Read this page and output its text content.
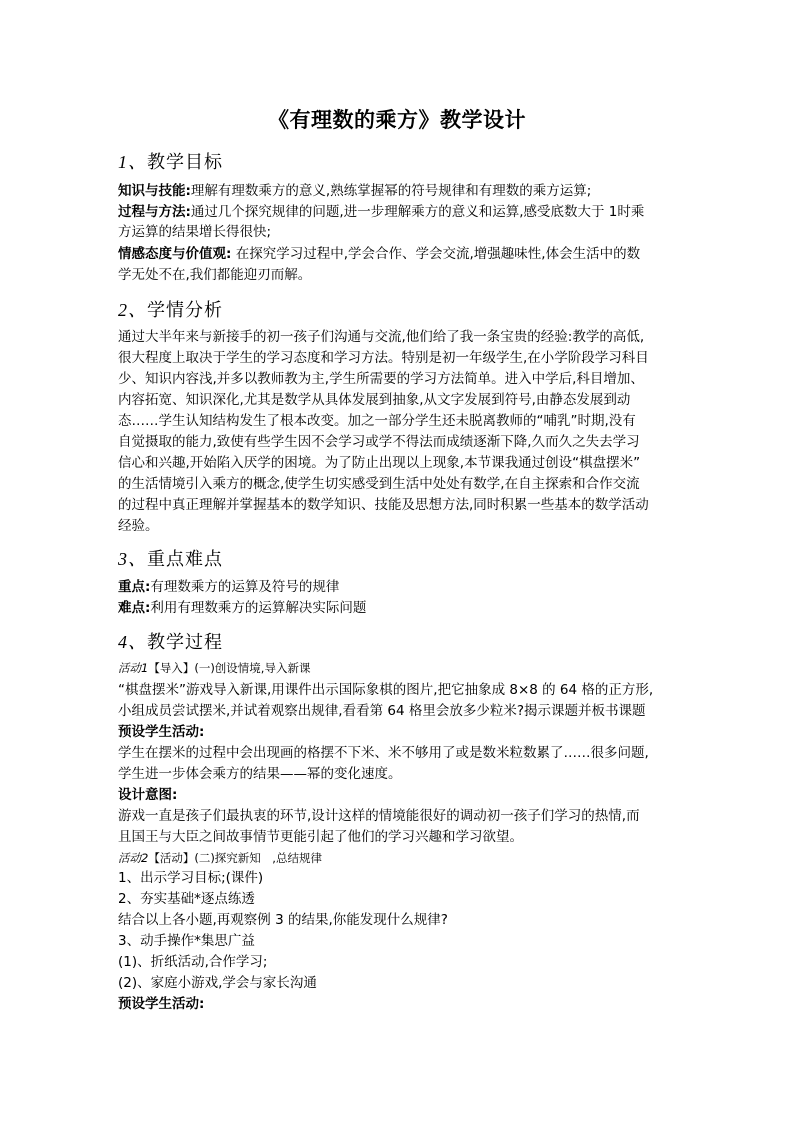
《有理数的乘方》教学设计
1、教学目标
知识与技能:理解有理数乘方的意义,熟练掌握幂的符号规律和有理数的乘方运算;
过程与方法:通过几个探究规律的问题,进一步理解乘方的意义和运算,感受底数大于 1时乘
方运算的结果增长得很快;
情感态度与价值观: 在探究学习过程中,学会合作、学会交流,增强趣味性,体会生活中的数
学无处不在,我们都能迎刃而解。
2、学情分析
通过大半年来与新接手的初一孩子们沟通与交流,他们给了我一条宝贵的经验:教学的高低,
很大程度上取决于学生的学习态度和学习方法。特别是初一年级学生,在小学阶段学习科目
少、知识内容浅,并多以教师教为主,学生所需要的学习方法简单。进入中学后,科目增加、
内容拓宽、知识深化,尤其是数学从具体发展到抽象,从文字发展到符号,由静态发展到动
态……学生认知结构发生了根本改变。加之一部分学生还未脱离教师的“哺乳”时期,没有
自觉摄取的能力,致使有些学生因不会学习或学不得法而成绩逐渐下降,久而久之失去学习
信心和兴趣,开始陷入厌学的困境。为了防止出现以上现象,本节课我通过创设“棋盘摆米”
的生活情境引入乘方的概念,使学生切实感受到生活中处处有数学,在自主探索和合作交流
的过程中真正理解并掌握基本的数学知识、技能及思想方法,同时积累一些基本的数学活动
经验。
3、重点难点
重点:有理数乘方的运算及符号的规律
难点:利用有理数乘方的运算解决实际问题
4、教学过程
活动1【导入】(一)创设情境,导入新课
“棋盘摆米”游戏导入新课,用课件出示国际象棋的图片,把它抽象成 8×8 的 64 格的正方形,
小组成员尝试摆米,并试着观察出规律,看看第 64 格里会放多少粒米?揭示课题并板书课题
预设学生活动:
学生在摆米的过程中会出现画的格摆不下米、米不够用了或是数米粒数累了……很多问题,
学生进一步体会乘方的结果——幂的变化速度。
设计意图:
游戏一直是孩子们最执衷的环节,设计这样的情境能很好的调动初一孩子们学习的热情,而
且国王与大臣之间故事情节更能引起了他们的学习兴趣和学习欲望。
活动2【活动】(二)探究新知　,总结规律
1、出示学习目标;(课件)
2、夯实基础*逐点练透
结合以上各小题,再观察例 3 的结果,你能发现什么规律?
3、动手操作*集思广益
(1)、折纸活动,合作学习;
(2)、家庭小游戏,学会与家长沟通
预设学生活动:
